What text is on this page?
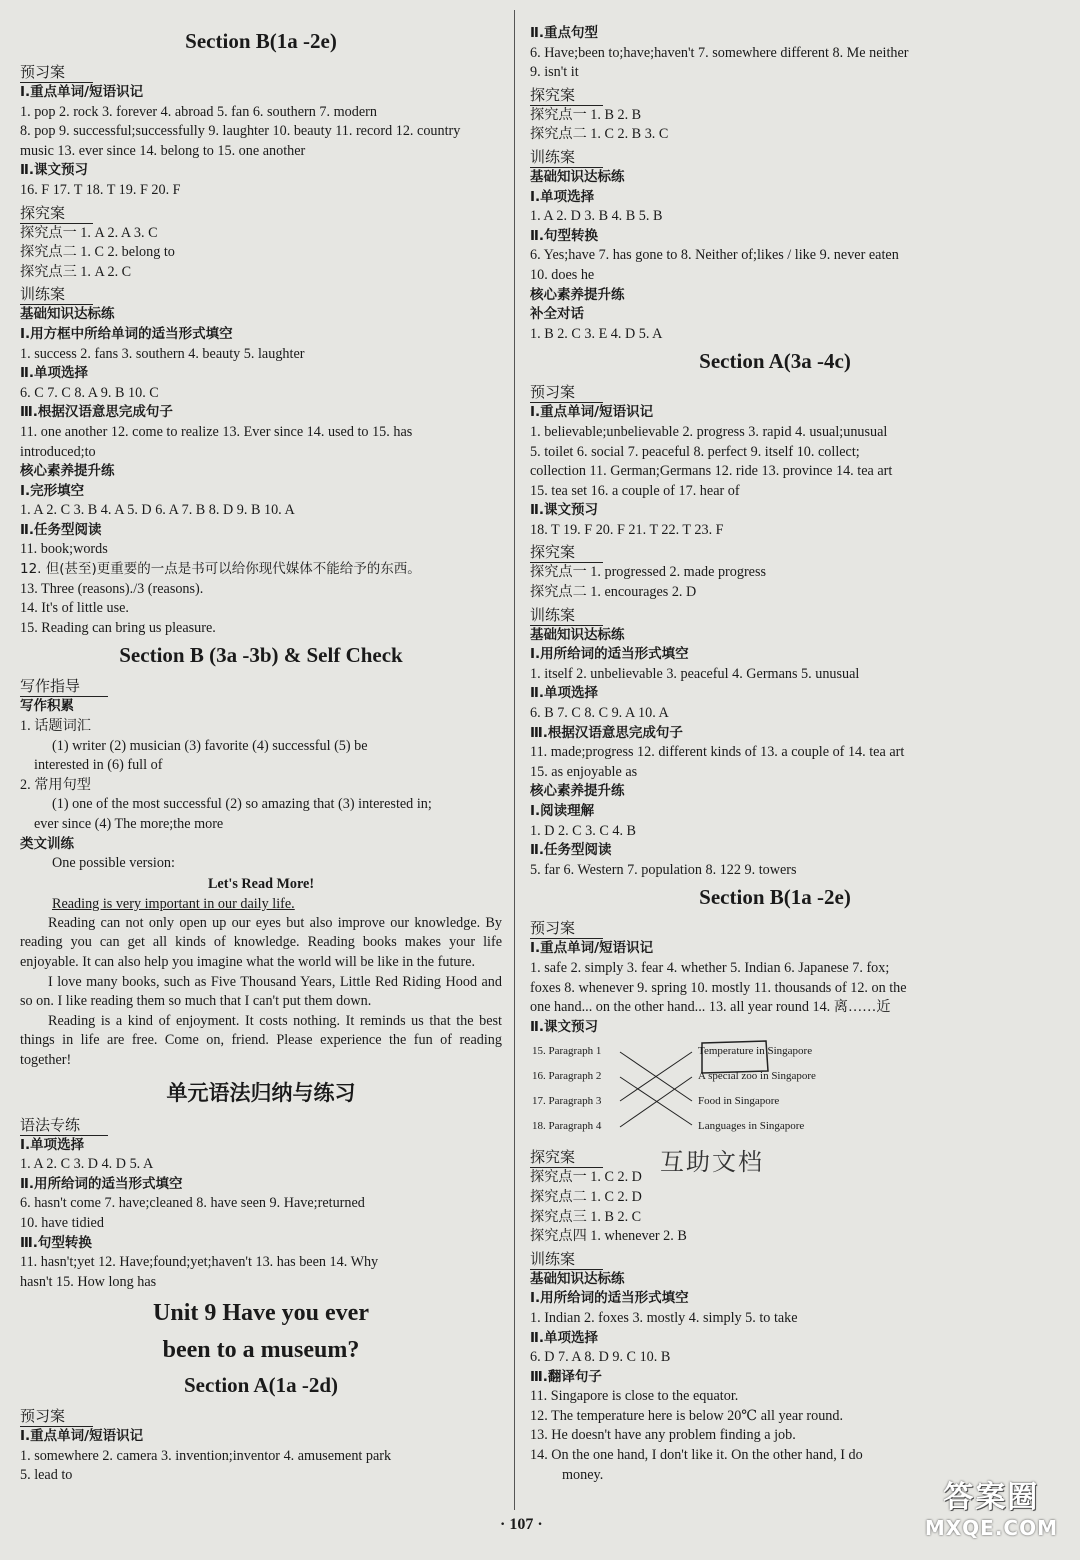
Section B(1a -2e)
预习案
Ⅰ.重点单词/短语识记
1. pop 2. rock 3. forever 4. abroad 5. fan 6. southern 7. modern
8. pop 9. successful;successfully 9. laughter 10. beauty 11. record 12. country
music 13. ever since 14. belong to 15. one another
Ⅱ.课文预习
16. F 17. T 18. T 19. F 20. F
探究案
探究点一 1. A 2. A 3. C
探究点二 1. C 2. belong to
探究点三 1. A 2. C
训练案
基础知识达标练
Ⅰ.用方框中所给单词的适当形式填空
1. success 2. fans 3. southern 4. beauty 5. laughter
Ⅱ.单项选择
6. C 7. C 8. A 9. B 10. C
Ⅲ.根据汉语意思完成句子
11. one another 12. come to realize 13. Ever since 14. used to 15. has
introduced;to
核心素养提升练
Ⅰ.完形填空
1. A 2. C 3. B 4. A 5. D 6. A 7. B 8. D 9. B 10. A
Ⅱ.任务型阅读
11. book;words
12. 但(甚至)更重要的一点是书可以给你现代媒体不能给予的东西。
13. Three (reasons)./3 (reasons).
14. It's of little use.
15. Reading can bring us pleasure.
Section B (3a -3b) & Self Check
写作指导
写作积累
1. 话题词汇
(1) writer (2) musician (3) favorite (4) successful (5) be
interested in (6) full of
2. 常用句型
(1) one of the most successful (2) so amazing that (3) interested in;
ever since (4) The more;the more
类文训练
One possible version:
Let's Read More!
Reading is very important in our daily life.
Reading can not only open up our eyes but also improve our knowledge. By reading you can get all kinds of knowledge. Reading books makes your life enjoyable. It can also help you imagine what the world will be like in the future.
I love many books, such as Five Thousand Years, Little Red Riding Hood and so on. I like reading them so much that I can't put them down.
Reading is a kind of enjoyment. It costs nothing. It reminds us that the best things in life are free. Come on, friend. Please experience the fun of reading together!
单元语法归纳与练习
语法专练
Ⅰ.单项选择
1. A 2. C 3. D 4. D 5. A
Ⅱ.用所给词的适当形式填空
6. hasn't come 7. have;cleaned 8. have seen 9. Have;returned
10. have tidied
Ⅲ.句型转换
11. hasn't;yet 12. Have;found;yet;haven't 13. has been 14. Why
hasn't 15. How long has
Unit 9 Have you ever
been to a museum?
Section A(1a -2d)
预习案
Ⅰ.重点单词/短语识记
1. somewhere 2. camera 3. invention;inventor 4. amusement park
5. lead to
Ⅱ.重点句型
6. Have;been to;have;haven't 7. somewhere different 8. Me neither
9. isn't it
探究案
探究点一 1. B 2. B
探究点二 1. C 2. B 3. C
训练案
基础知识达标练
Ⅰ.单项选择
1. A 2. D 3. B 4. B 5. B
Ⅱ.句型转换
6. Yes;have 7. has gone to 8. Neither of;likes / like 9. never eaten
10. does he
核心素养提升练
补全对话
1. B 2. C 3. E 4. D 5. A
Section A(3a -4c)
预习案
Ⅰ.重点单词/短语识记
1. believable;unbelievable 2. progress 3. rapid 4. usual;unusual
5. toilet 6. social 7. peaceful 8. perfect 9. itself 10. collect;
collection 11. German;Germans 12. ride 13. province 14. tea art
15. tea set 16. a couple of 17. hear of
Ⅱ.课文预习
18. T 19. F 20. F 21. T 22. T 23. F
探究案
探究点一 1. progressed 2. made progress
探究点二 1. encourages 2. D
训练案
基础知识达标练
Ⅰ.用所给词的适当形式填空
1. itself 2. unbelievable 3. peaceful 4. Germans 5. unusual
Ⅱ.单项选择
6. B 7. C 8. C 9. A 10. A
Ⅲ.根据汉语意思完成句子
11. made;progress 12. different kinds of 13. a couple of 14. tea art
15. as enjoyable as
核心素养提升练
Ⅰ.阅读理解
1. D 2. C 3. C 4. B
Ⅱ.任务型阅读
5. far 6. Western 7. population 8. 122 9. towers
Section B(1a -2e)
预习案
Ⅰ.重点单词/短语识记
1. safe 2. simply 3. fear 4. whether 5. Indian 6. Japanese 7. fox;
foxes 8. whenever 9. spring 10. mostly 11. thousands of 12. on the
one hand... on the other hand... 13. all year round 14. 离……近
Ⅱ.课文预习
15. Paragraph 1
16. Paragraph 2
17. Paragraph 3
18. Paragraph 4
Temperature in Singapore
A special zoo in Singapore
Food in Singapore
Languages in Singapore
探究案
探究点一 1. C 2. D
探究点二 1. C 2. D
探究点三 1. B 2. C
探究点四 1. whenever 2. B
训练案
基础知识达标练
Ⅰ.用所给词的适当形式填空
1. Indian 2. foxes 3. mostly 4. simply 5. to take
Ⅱ.单项选择
6. D 7. A 8. D 9. C 10. B
Ⅲ.翻译句子
11. Singapore is close to the equator.
12. The temperature here is below 20℃ all year round.
13. He doesn't have any problem finding a job.
14. On the one hand, I don't like it. On the other hand, I do
money.
互助文档
· 107 ·
答案圈
MXQE.COM
